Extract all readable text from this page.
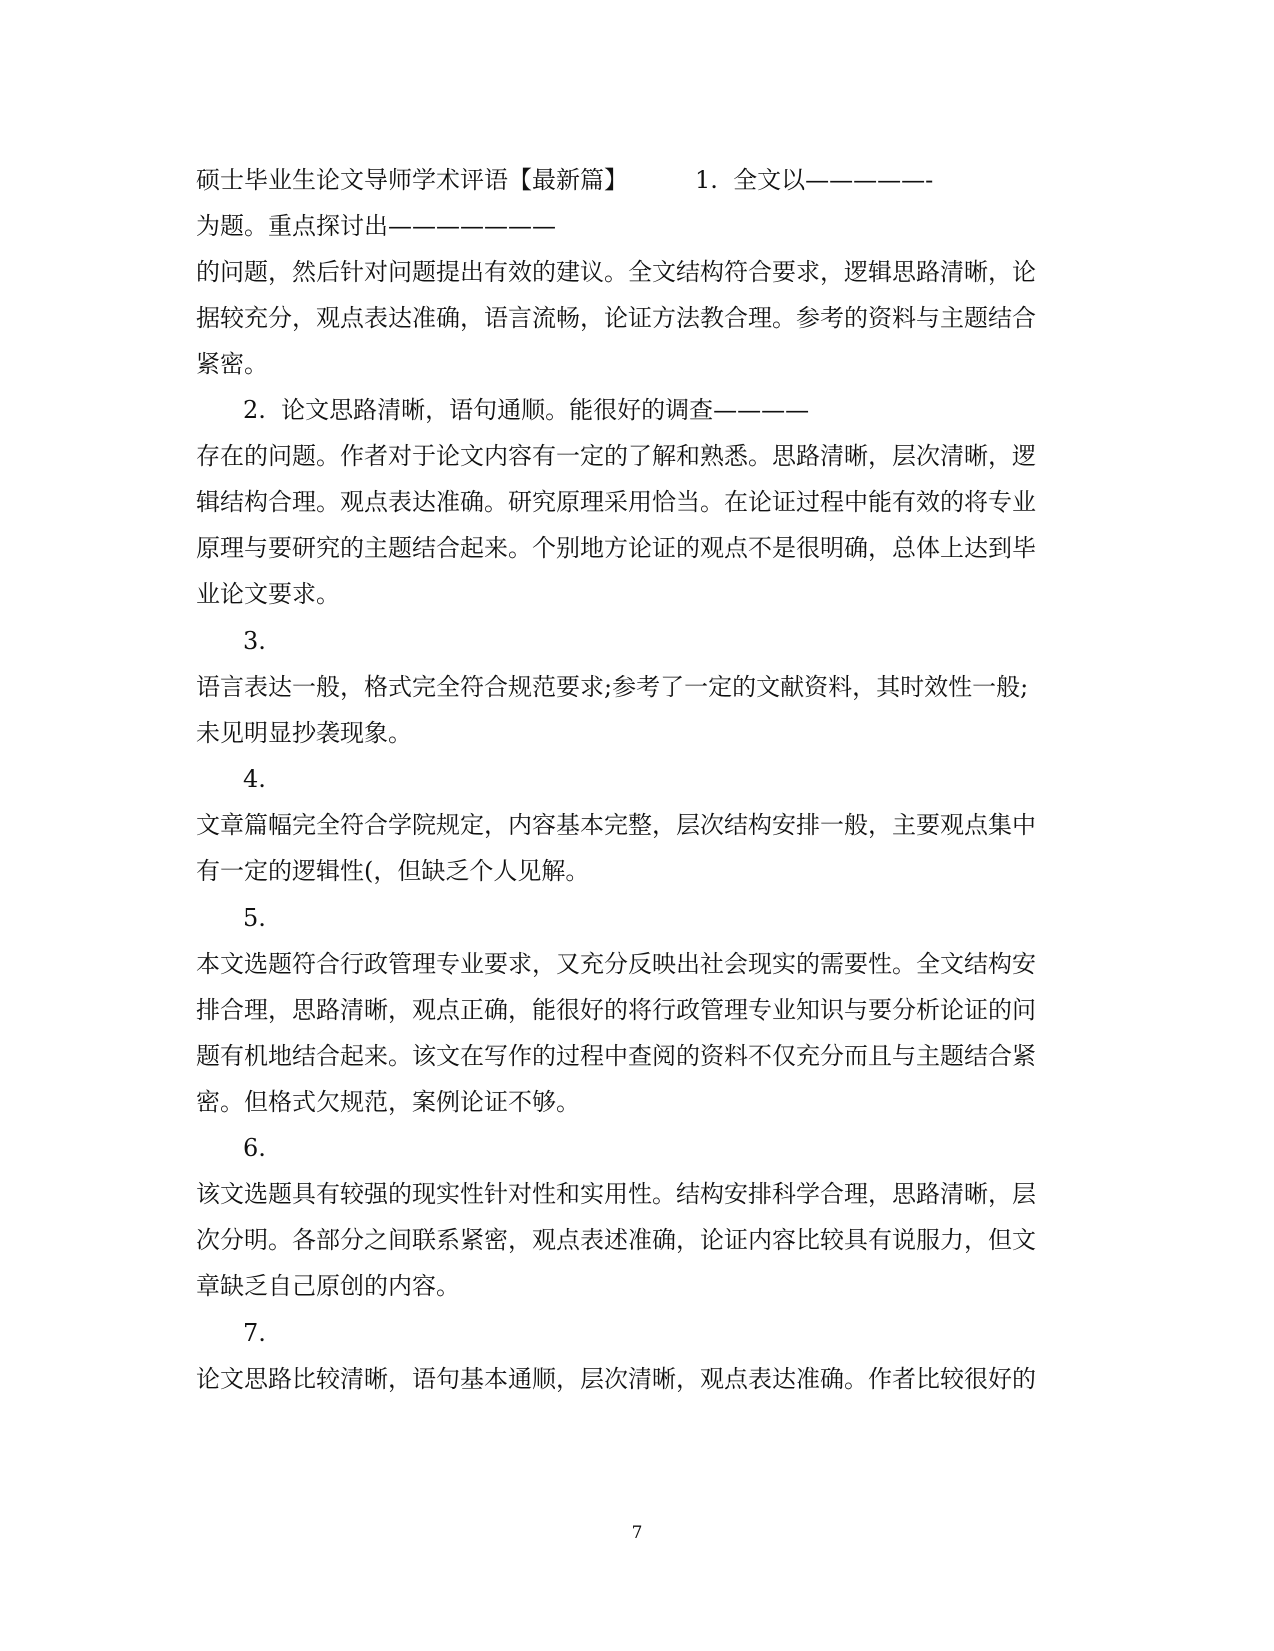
硕士毕业生论文导师学术评语【最新篇】	1. 全文以—————-
为题。重点探讨出———————
的问题，然后针对问题提出有效的建议。全文结构符合要求，逻辑思路清晰，论
据较充分，观点表达准确，语言流畅，论证方法教合理。参考的资料与主题结合
紧密。
2. 论文思路清晰，语句通顺。能很好的调查————
存在的问题。作者对于论文内容有一定的了解和熟悉。思路清晰，层次清晰，逻
辑结构合理。观点表达准确。研究原理采用恰当。在论证过程中能有效的将专业
原理与要研究的主题结合起来。个别地方论证的观点不是很明确，总体上达到毕
业论文要求。
3.
语言表达一般，格式完全符合规范要求;参考了一定的文献资料，其时效性一般;
未见明显抄袭现象。
4.
文章篇幅完全符合学院规定，内容基本完整，层次结构安排一般，主要观点集中
有一定的逻辑性(，但缺乏个人见解。
5.
本文选题符合行政管理专业要求，又充分反映出社会现实的需要性。全文结构安
排合理，思路清晰，观点正确，能很好的将行政管理专业知识与要分析论证的问
题有机地结合起来。该文在写作的过程中查阅的资料不仅充分而且与主题结合紧
密。但格式欠规范，案例论证不够。
6.
该文选题具有较强的现实性针对性和实用性。结构安排科学合理，思路清晰，层
次分明。各部分之间联系紧密，观点表述准确，论证内容比较具有说服力，但文
章缺乏自己原创的内容。
7.
论文思路比较清晰，语句基本通顺，层次清晰，观点表达准确。作者比较很好的
7
